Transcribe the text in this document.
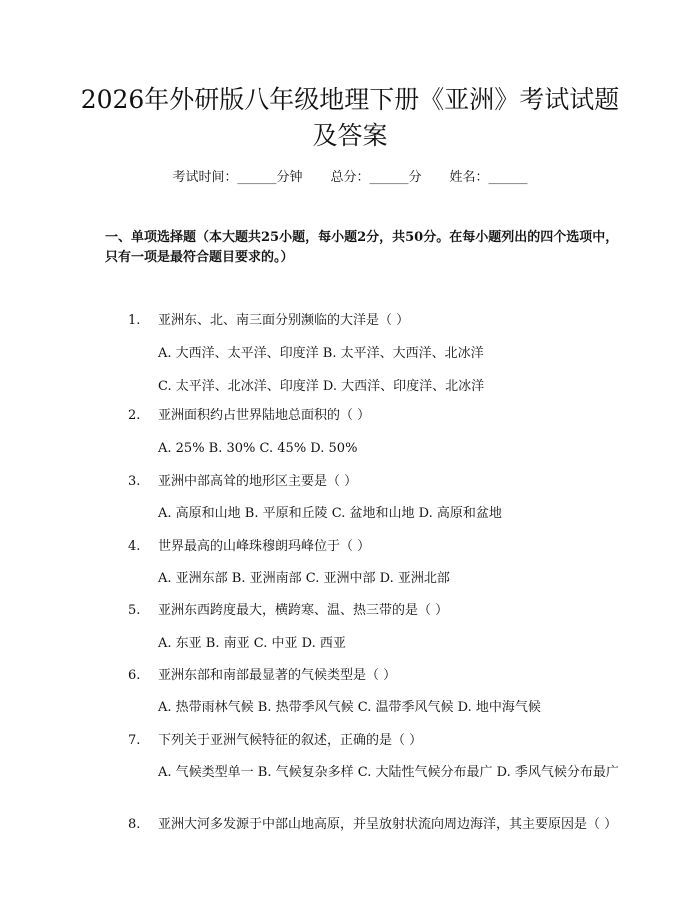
2026年外研版八年级地理下册《亚洲》考试试题及答案
考试时间：______分钟 总分：______分 姓名：______

一、单项选择题（本大题共25小题，每小题2分，共50分。在每小题列出的四个选项中，只有一项是最符合题目要求的。）

1. 亚洲东、北、南三面分别濒临的大洋是（ ）
A. 大西洋、太平洋、印度洋 B. 太平洋、大西洋、北冰洋
C. 太平洋、北冰洋、印度洋 D. 大西洋、印度洋、北冰洋
2. 亚洲面积约占世界陆地总面积的（ ）
A. 25% B. 30% C. 45% D. 50%
3. 亚洲中部高耸的地形区主要是（ ）
A. 高原和山地 B. 平原和丘陵 C. 盆地和山地 D. 高原和盆地
4. 世界最高的山峰珠穆朗玛峰位于（ ）
A. 亚洲东部 B. 亚洲南部 C. 亚洲中部 D. 亚洲北部
5. 亚洲东西跨度最大，横跨寒、温、热三带的是（ ）
A. 东亚 B. 南亚 C. 中亚 D. 西亚
6. 亚洲东部和南部最显著的气候类型是（ ）
A. 热带雨林气候 B. 热带季风气候 C. 温带季风气候 D. 地中海气候
7. 下列关于亚洲气候特征的叙述，正确的是（ ）
A. 气候类型单一 B. 气候复杂多样 C. 大陆性气候分布最广 D. 季风气候分布最广
8. 亚洲大河多发源于中部山地高原，并呈放射状流向周边海洋，其主要原因是（ ）
